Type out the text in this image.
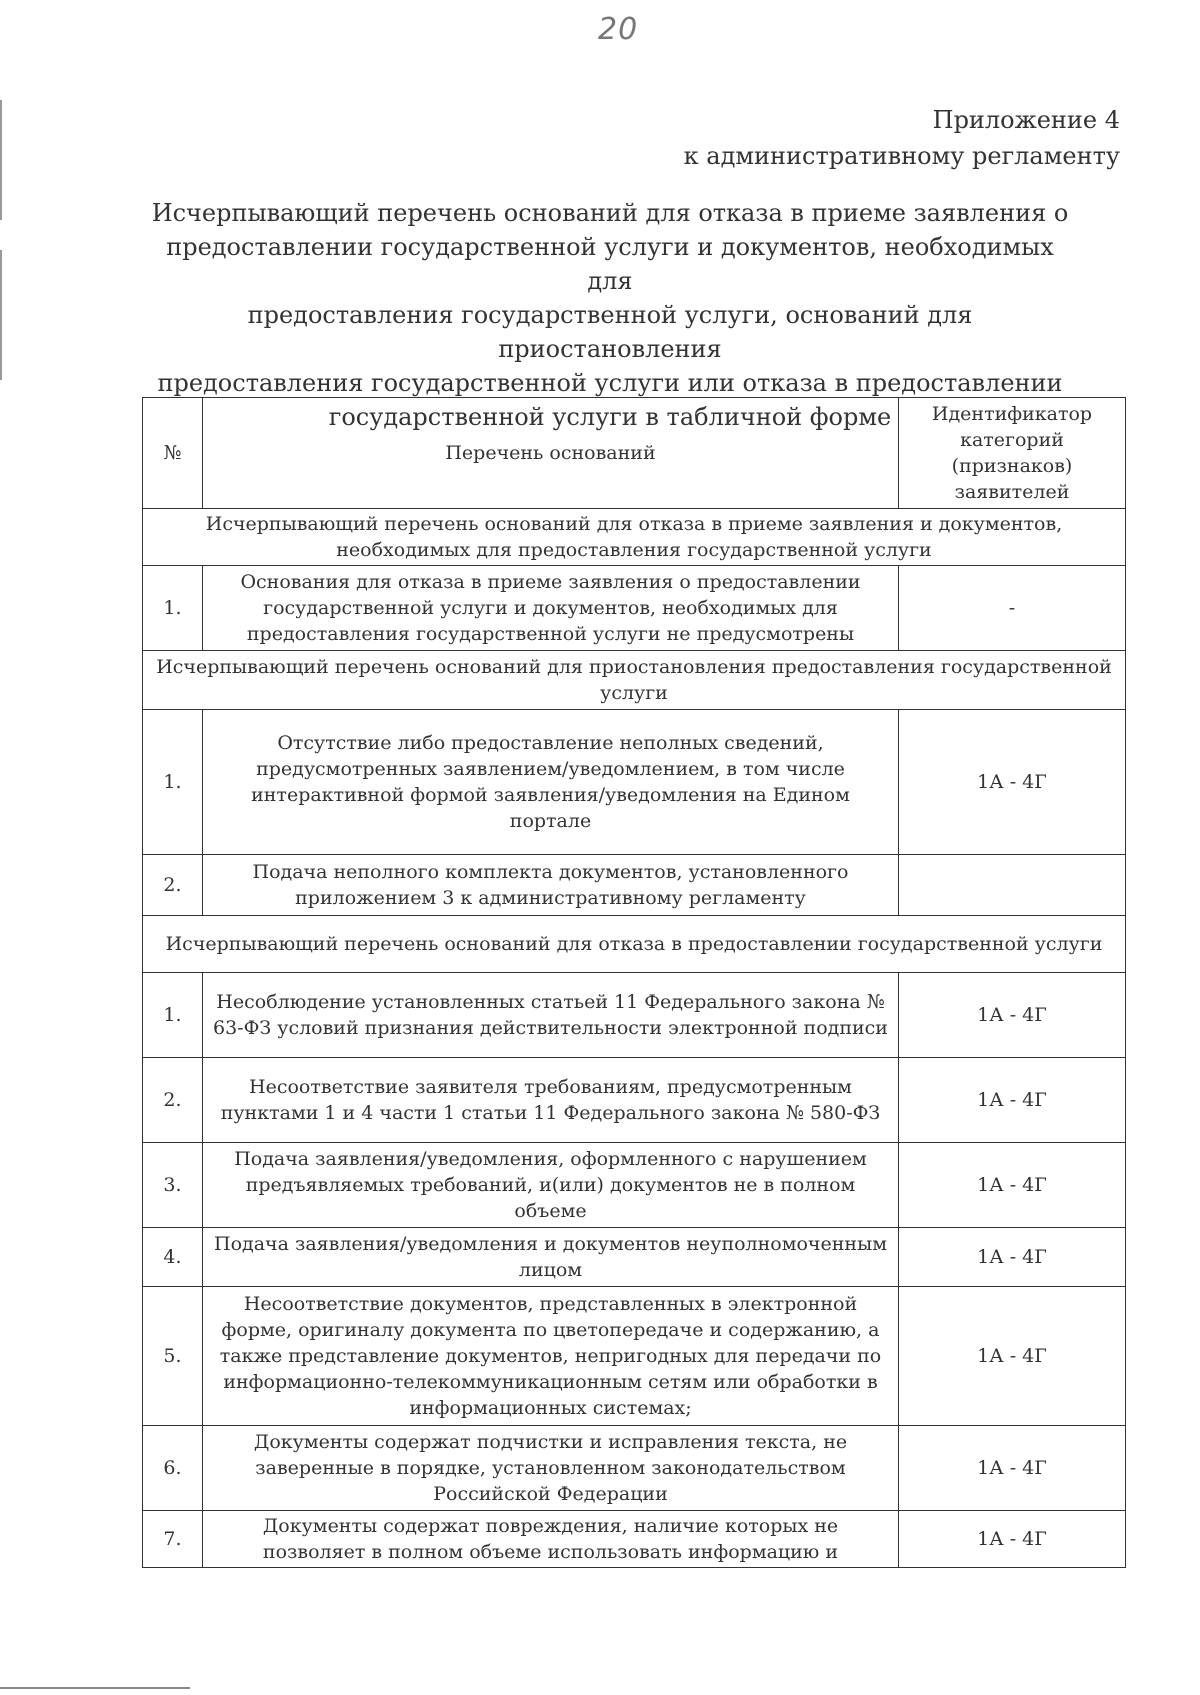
20
Приложение 4
к административному регламенту
Исчерпывающий перечень оснований для отказа в приеме заявления о
предоставлении государственной услуги и документов, необходимых для
предоставления государственной услуги, оснований для приостановления
предоставления государственной услуги или отказа в предоставлении
государственной услуги в табличной форме
№	Перечень оснований	Идентификатор категорий (признаков) заявителей
Исчерпывающий перечень оснований для отказа в приеме заявления и документов, необходимых для предоставления государственной услуги		
1.	Основания для отказа в приеме заявления о предоставлении государственной услуги и документов, необходимых для предоставления государственной услуги не предусмотрены	-
Исчерпывающий перечень оснований для приостановления предоставления государственной услуги		
1.	Отсутствие либо предоставление неполных сведений, предусмотренных заявлением/уведомлением, в том числе интерактивной формой заявления/уведомления на Едином портале	1А - 4Г
2.	Подача неполного комплекта документов, установленного приложением 3 к административному регламенту	
Исчерпывающий перечень оснований для отказа в предоставлении государственной услуги		
1.	Несоблюдение установленных статьей 11 Федерального закона № 63-ФЗ условий признания действительности электронной подписи	1А - 4Г
2.	Несоответствие заявителя требованиям, предусмотренным пунктами 1 и 4 части 1 статьи 11 Федерального закона № 580-ФЗ	1А - 4Г
3.	Подача заявления/уведомления, оформленного с нарушением предъявляемых требований, и(или) документов не в полном объеме	1А - 4Г
4.	Подача заявления/уведомления и документов неуполномоченным лицом	1А - 4Г
5.	Несоответствие документов, представленных в электронной форме, оригиналу документа по цветопередаче и содержанию, а также представление документов, непригодных для передачи по информационно-телекоммуникационным сетям или обработки в информационных системах;	1А - 4Г
6.	Документы содержат подчистки и исправления текста, не заверенные в порядке, установленном законодательством Российской Федерации	1А - 4Г
7.	Документы содержат повреждения, наличие которых не позволяет в полном объеме использовать информацию и	1А - 4Г
